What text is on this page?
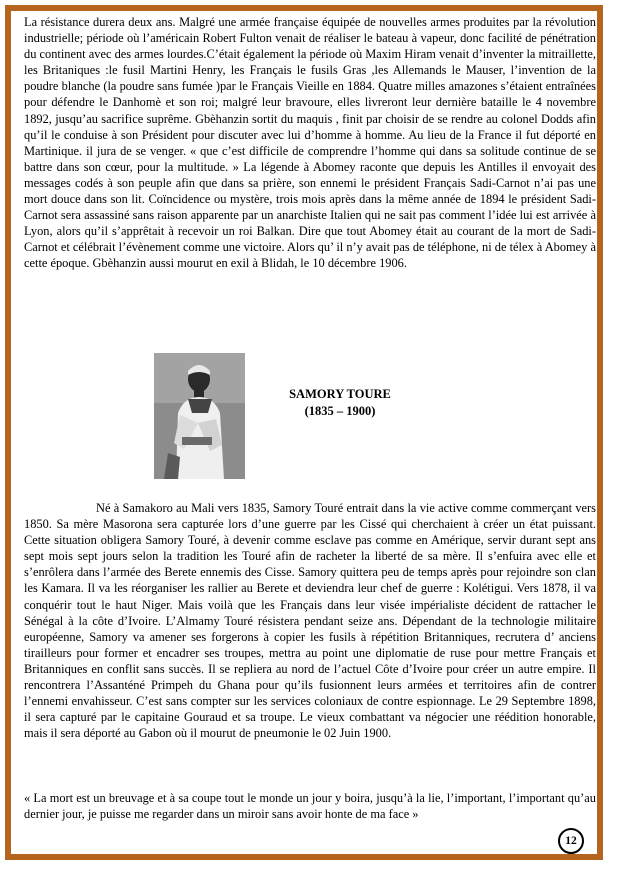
La résistance durera deux ans. Malgré une armée française équipée de nouvelles armes produites par la révolution industrielle; période où l’américain Robert Fulton venait de réaliser le bateau à vapeur, donc facilité de pénétration du continent avec des armes lourdes.C’était également la période où Maxim Hiram venait d’inventer la mitraillette, les Britaniques :le fusil Martini Henry, les Français le fusils Gras ,les Allemands le Mauser, l’invention de la poudre blanche (la poudre sans fumée )par le Français Vieille en 1884. Quatre milles amazones s’étaient entraînées pour défendre le Danhomè et son roi; malgré leur bravoure, elles livreront leur dernière bataille le 4 novembre 1892, jusqu’au sacrifice suprême. Gbèhanzin sortit du maquis , finit par choisir de se rendre au colonel Dodds afin qu’il le conduise à son Président pour discuter avec lui d’homme à homme. Au lieu de la France il fut déporté en Martinique. il jura de se venger. « que c’est difficile de comprendre l’homme qui dans sa solitude continue de se battre dans son cœur, pour la multitude. » La légende à Abomey raconte que depuis les Antilles il envoyait des messages codés à son peuple afin que dans sa prière, son ennemi le président Français Sadi-Carnot n’ai pas une mort douce dans son lit. Coïncidence ou mystère, trois mois après dans la même année de 1894 le président Sadi-Carnot sera assassiné sans raison apparente par un anarchiste Italien qui ne sait pas comment l’idée lui est arrivée à Lyon, alors qu’il s’apprêtait à recevoir un roi Balkan. Dire que tout Abomey était au courant de la mort de Sadi-Carnot et célébrait l’évènement comme une victoire. Alors qu’ il n’y avait pas de téléphone, ni de télex à Abomey à cette époque. Gbèhanzin aussi mourut en exil à Blidah, le 10 décembre 1906.

SAMORY TOURE

(1835 – 1900)

Né à Samakoro au Mali vers 1835, Samory Touré entrait dans la vie active comme commerçant vers 1850. Sa mère Masorona sera capturée lors d’une guerre par les Cissé qui cherchaient à créer un état puissant. Cette situation obligera Samory Touré, à devenir comme esclave pas comme en Amérique, servir durant sept ans sept mois sept jours selon la tradition les Touré afin de racheter la liberté de sa mère. Il s’enfuira avec elle et s’enrôlera dans l’armée des Berete ennemis des Cisse. Samory quittera peu de temps après pour rejoindre son clan les Kamara. Il va les réorganiser les rallier au Berete et deviendra leur chef de guerre : Kolétigui. Vers 1878, il va conquérir tout le haut Niger. Mais voilà que les Français dans leur visée impérialiste décident de rattacher le Sénégal à la côte d’Ivoire. L’Almamy Touré résistera pendant seize ans. Dépendant de la technologie militaire européenne, Samory va amener ses forgerons à copier les fusils à répétition Britanniques, recrutera d’ anciens tirailleurs pour former et encadrer ses troupes, mettra au point une diplomatie de ruse pour mettre Français et Britanniques en conflit sans succès. Il se repliera au nord de l’actuel Côte d’Ivoire pour créer un autre empire. Il rencontrera l’Assanténé Primpeh du Ghana pour qu’ils fusionnent leurs armées et territoires afin de contrer l’ennemi envahisseur. C’est sans compter sur les services coloniaux de contre espionnage. Le 29 Septembre 1898, il sera capturé par le capitaine Gouraud et sa troupe. Le vieux combattant va négocier une réédition honorable, mais il sera déporté au Gabon où il mourut de pneumonie le 02 Juin 1900.

« La mort est un breuvage et à sa coupe tout le monde un jour y boira, jusqu’à la lie, l’important, l’important qu’au dernier jour, je puisse me regarder dans un miroir sans avoir honte de ma face »

12
